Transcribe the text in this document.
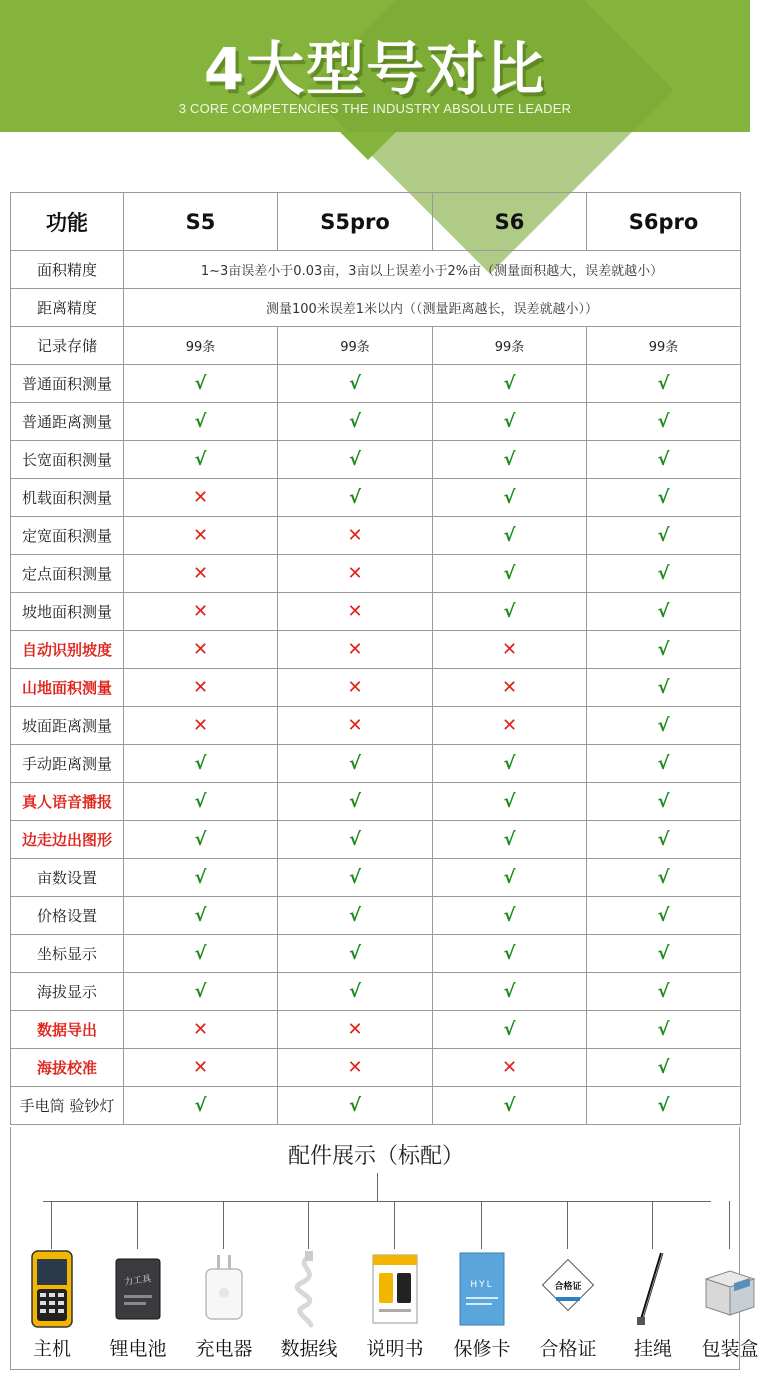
4大型号对比
3 CORE COMPETENCIES THE INDUSTRY ABSOLUTE LEADER
功能	S5	S5pro	S6	S6pro
面积精度	1~3亩误差小于0.03亩，3亩以上误差小于2%亩（测量面积越大，误差就越小）			
距离精度	测量100米误差1米以内（（测量距离越长，误差就越小））			
记录存储	99条	99条	99条	99条
普通面积测量	√	√	√	√
普通距离测量	√	√	√	√
长宽面积测量	√	√	√	√
机载面积测量	✕	√	√	√
定宽面积测量	✕	✕	√	√
定点面积测量	✕	✕	√	√
坡地面积测量	✕	✕	√	√
自动识别坡度	✕	✕	✕	√
山地面积测量	✕	✕	✕	√
坡面距离测量	✕	✕	✕	√
手动距离测量	√	√	√	√
真人语音播报	√	√	√	√
边走边出图形	√	√	√	√
亩数设置	√	√	√	√
价格设置	√	√	√	√
坐标显示	√	√	√	√
海拔显示	√	√	√	√
数据导出	✕	✕	√	√
海拔校准	✕	✕	✕	√
手电筒 验钞灯	√	√	√	√
配件展示（标配）
主机
力工具
锂电池	充电器	数据线	说明书
HYL
保修卡
合格证
合格证	挂绳	包装盒
